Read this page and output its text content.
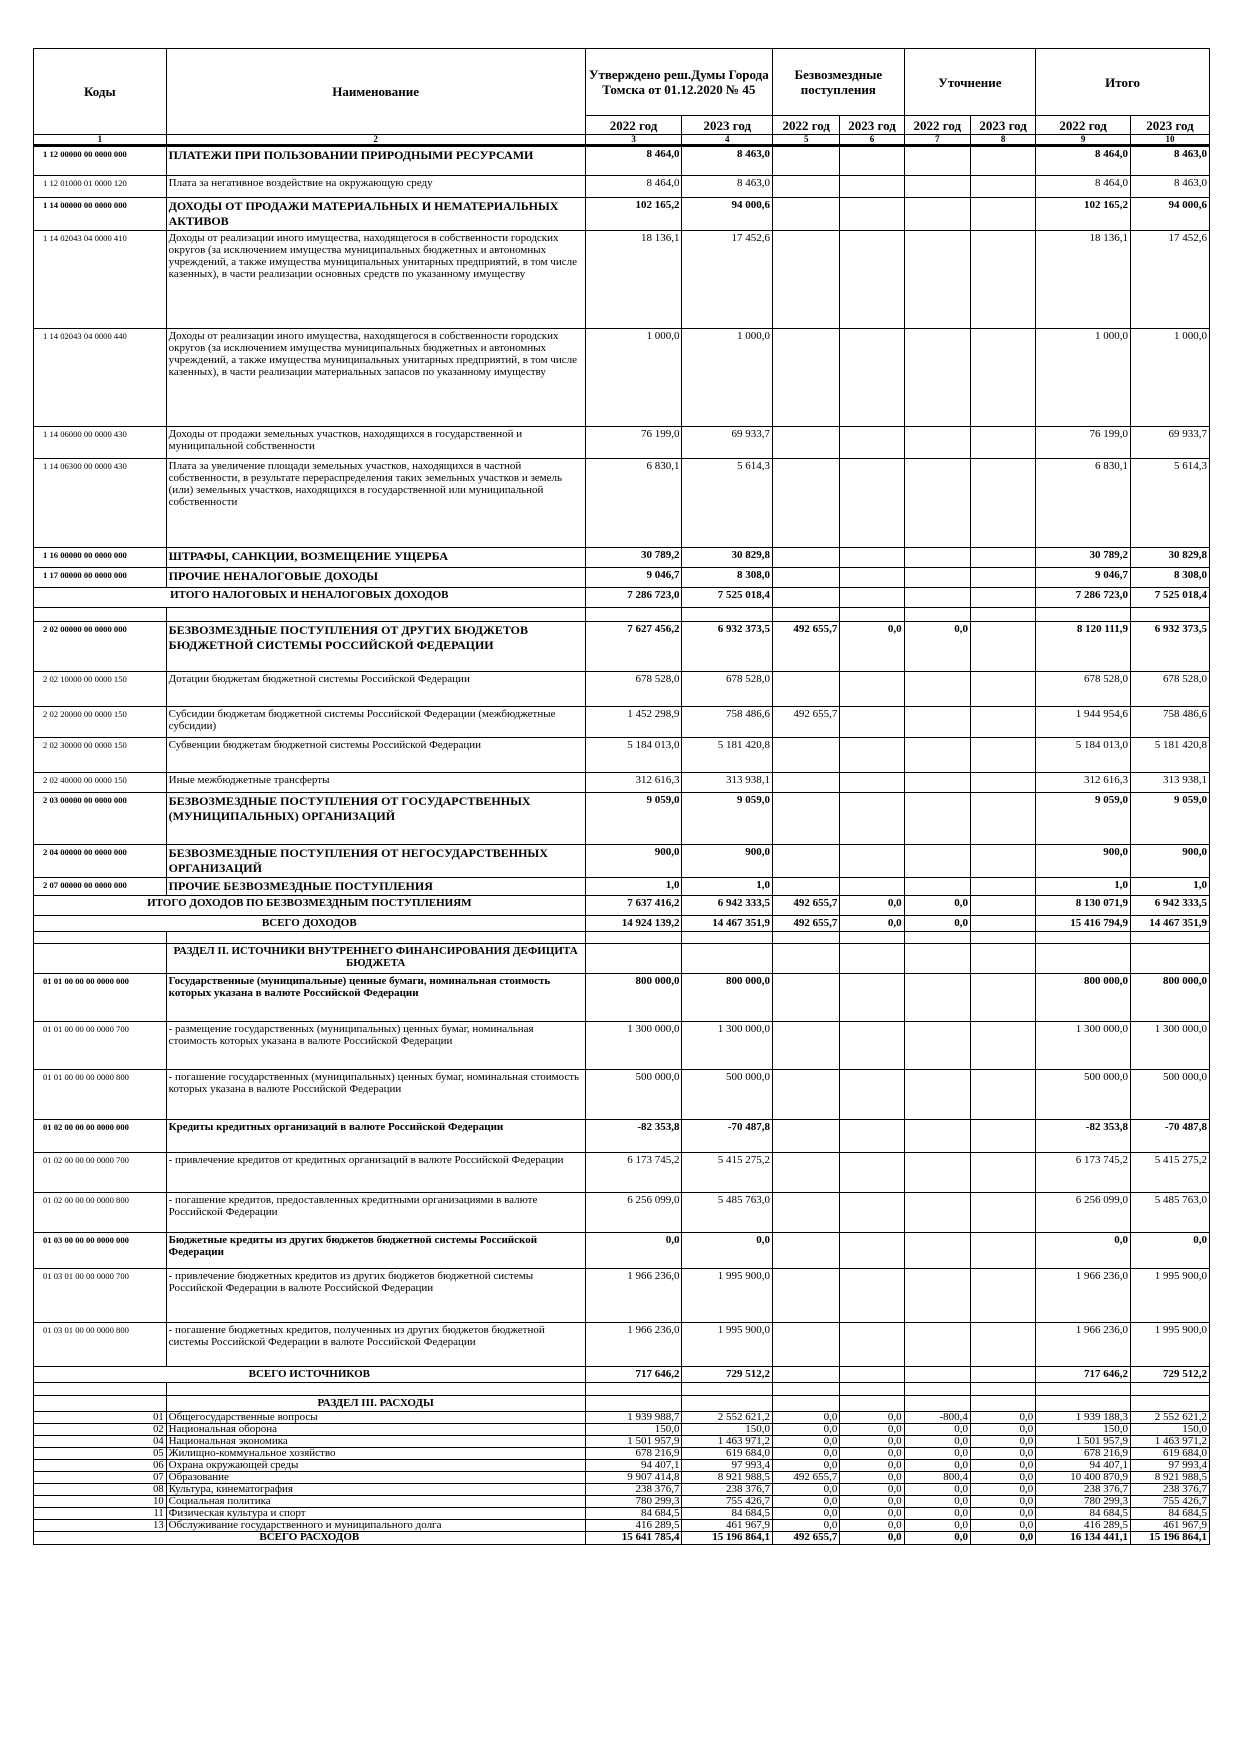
Коды	Наименование	Утверждено реш.Думы Города Томска от 01.12.2020 № 45		Безвозмездные поступления		Уточнение		Итого	
		2022 год	2023 год	2022 год	2023 год	2022 год	2023 год	2022 год	2023 год
1	2	3	4	5	6	7	8	9	10
1 12 00000 00 0000 000	ПЛАТЕЖИ ПРИ ПОЛЬЗОВАНИИ ПРИРОДНЫМИ РЕСУРСАМИ	8 464,0	8 463,0					8 464,0	8 463,0
1 12 01000 01 0000 120	Плата за негативное воздействие на окружающую среду	8 464,0	8 463,0					8 464,0	8 463,0
1 14 00000 00 0000 000	ДОХОДЫ ОТ ПРОДАЖИ МАТЕРИАЛЬНЫХ И НЕМАТЕРИАЛЬНЫХ АКТИВОВ	102 165,2	94 000,6					102 165,2	94 000,6
1 14 02043 04 0000 410	Доходы от реализации иного имущества, находящегося в собственности городских округов (за исключением имущества муниципальных бюджетных и автономных учреждений, а также имущества муниципальных унитарных предприятий, в том числе казенных), в части реализации основных средств по указанному имуществу	18 136,1	17 452,6					18 136,1	17 452,6
1 14 02043 04 0000 440	Доходы от реализации иного имущества, находящегося в собственности городских округов (за исключением имущества муниципальных бюджетных и автономных учреждений, а также имущества муниципальных унитарных предприятий, в том числе казенных), в части реализации материальных запасов по указанному имуществу	1 000,0	1 000,0					1 000,0	1 000,0
1 14 06000 00 0000 430	Доходы от продажи земельных участков, находящихся в государственной и муниципальной собственности	76 199,0	69 933,7					76 199,0	69 933,7
1 14 06300 00 0000 430	Плата за увеличение площади земельных участков, находящихся в частной собственности, в результате перераспределения таких земельных участков и земель (или) земельных участков, находящихся в государственной или муниципальной собственности	6 830,1	5 614,3					6 830,1	5 614,3
1 16 00000 00 0000 000	ШТРАФЫ, САНКЦИИ, ВОЗМЕЩЕНИЕ УЩЕРБА	30 789,2	30 829,8					30 789,2	30 829,8
1 17 00000 00 0000 000	ПРОЧИЕ НЕНАЛОГОВЫЕ ДОХОДЫ	9 046,7	8 308,0					9 046,7	8 308,0
ИТОГО НАЛОГОВЫХ И НЕНАЛОГОВЫХ ДОХОДОВ		7 286 723,0	7 525 018,4					7 286 723,0	7 525 018,4

2 02 00000 00 0000 000	БЕЗВОЗМЕЗДНЫЕ ПОСТУПЛЕНИЯ ОТ ДРУГИХ БЮДЖЕТОВ БЮДЖЕТНОЙ СИСТЕМЫ РОССИЙСКОЙ ФЕДЕРАЦИИ	7 627 456,2	6 932 373,5	492 655,7	0,0	0,0		8 120 111,9	6 932 373,5
2 02 10000 00 0000 150	Дотации бюджетам бюджетной системы Российской Федерации	678 528,0	678 528,0					678 528,0	678 528,0
2 02 20000 00 0000 150	Субсидии бюджетам бюджетной системы Российской Федерации (межбюджетные субсидии)	1 452 298,9	758 486,6	492 655,7				1 944 954,6	758 486,6
2 02 30000 00 0000 150	Субвенции бюджетам бюджетной системы Российской Федерации	5 184 013,0	5 181 420,8					5 184 013,0	5 181 420,8
2 02 40000 00 0000 150	Иные межбюджетные трансферты	312 616,3	313 938,1					312 616,3	313 938,1
2 03 00000 00 0000 000	БЕЗВОЗМЕЗДНЫЕ ПОСТУПЛЕНИЯ ОТ ГОСУДАРСТВЕННЫХ (МУНИЦИПАЛЬНЫХ) ОРГАНИЗАЦИЙ	9 059,0	9 059,0					9 059,0	9 059,0
2 04 00000 00 0000 000	БЕЗВОЗМЕЗДНЫЕ ПОСТУПЛЕНИЯ ОТ НЕГОСУДАРСТВЕННЫХ ОРГАНИЗАЦИЙ	900,0	900,0					900,0	900,0
2 07 00000 00 0000 000	ПРОЧИЕ БЕЗВОЗМЕЗДНЫЕ ПОСТУПЛЕНИЯ	1,0	1,0					1,0	1,0
ИТОГО ДОХОДОВ ПО БЕЗВОЗМЕЗДНЫМ ПОСТУПЛЕНИЯМ		7 637 416,2	6 942 333,5	492 655,7	0,0	0,0		8 130 071,9	6 942 333,5
ВСЕГО ДОХОДОВ		14 924 139,2	14 467 351,9	492 655,7	0,0	0,0		15 416 794,9	14 467 351,9

	РАЗДЕЛ II. ИСТОЧНИКИ ВНУТРЕННЕГО ФИНАНСИРОВАНИЯ ДЕФИЦИТА БЮДЖЕТА								
01 01 00 00 00 0000 000	Государственные (муниципальные) ценные бумаги, номинальная стоимость которых указана в валюте Российской Федерации	800 000,0	800 000,0					800 000,0	800 000,0
01 01 00 00 00 0000 700	- размещение государственных (муниципальных) ценных бумаг, номинальная стоимость которых указана в валюте Российской Федерации	1 300 000,0	1 300 000,0					1 300 000,0	1 300 000,0
01 01 00 00 00 0000 800	- погашение государственных (муниципальных) ценных бумаг, номинальная стоимость которых указана в валюте Российской Федерации	500 000,0	500 000,0					500 000,0	500 000,0
01 02 00 00 00 0000 000	Кредиты кредитных организаций в валюте Российской Федерации	-82 353,8	-70 487,8					-82 353,8	-70 487,8
01 02 00 00 00 0000 700	- привлечение кредитов от кредитных организаций в валюте Российской Федерации	6 173 745,2	5 415 275,2					6 173 745,2	5 415 275,2
01 02 00 00 00 0000 800	- погашение кредитов, предоставленных кредитными организациями в валюте Российской Федерации	6 256 099,0	5 485 763,0					6 256 099,0	5 485 763,0
01 03 00 00 00 0000 000	Бюджетные кредиты из других бюджетов бюджетной системы Российской Федерации	0,0	0,0					0,0	0,0
01 03 01 00 00 0000 700	- привлечение бюджетных кредитов из других бюджетов бюджетной системы Российской Федерации в валюте Российской Федерации	1 966 236,0	1 995 900,0					1 966 236,0	1 995 900,0
01 03 01 00 00 0000 800	- погашение бюджетных кредитов, полученных из других бюджетов бюджетной системы Российской Федерации в валюте Российской Федерации	1 966 236,0	1 995 900,0					1 966 236,0	1 995 900,0
ВСЕГО ИСТОЧНИКОВ		717 646,2	729 512,2					717 646,2	729 512,2

	РАЗДЕЛ III. РАСХОДЫ								
01	Общегосударственные вопросы	1 939 988,7	2 552 621,2	0,0	0,0	-800,4	0,0	1 939 188,3	2 552 621,2
02	Национальная оборона	150,0	150,0	0,0	0,0	0,0	0,0	150,0	150,0
04	Национальная экономика	1 501 957,9	1 463 971,2	0,0	0,0	0,0	0,0	1 501 957,9	1 463 971,2
05	Жилищно-коммунальное хозяйство	678 216,9	619 684,0	0,0	0,0	0,0	0,0	678 216,9	619 684,0
06	Охрана окружающей среды	94 407,1	97 993,4	0,0	0,0	0,0	0,0	94 407,1	97 993,4
07	Образование	9 907 414,8	8 921 988,5	492 655,7	0,0	800,4	0,0	10 400 870,9	8 921 988,5
08	Культура, кинематография	238 376,7	238 376,7	0,0	0,0	0,0	0,0	238 376,7	238 376,7
10	Социальная политика	780 299,3	755 426,7	0,0	0,0	0,0	0,0	780 299,3	755 426,7
11	Физическая культура и спорт	84 684,5	84 684,5	0,0	0,0	0,0	0,0	84 684,5	84 684,5
13	Обслуживание государственного и муниципального долга	416 289,5	461 967,9	0,0	0,0	0,0	0,0	416 289,5	461 967,9
ВСЕГО РАСХОДОВ		15 641 785,4	15 196 864,1	492 655,7	0,0	0,0	0,0	16 134 441,1	15 196 864,1
